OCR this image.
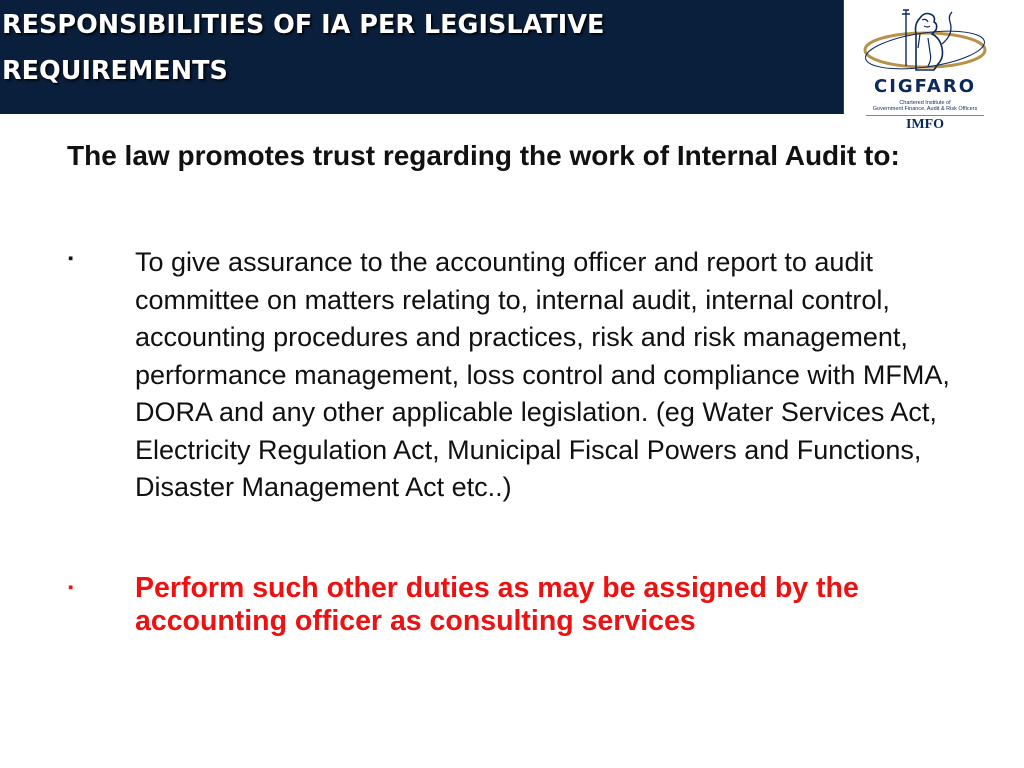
RESPONSIBILITIES OF IA PER LEGISLATIVE
REQUIREMENTS
CIGFARO
Chartered Institute of
Government Finance, Audit & Risk Officers
IMFO

The law promotes trust regarding the work of Internal Audit to:

▪ To give assurance to the accounting officer and report to audit committee on matters relating to, internal audit, internal control, accounting procedures and practices, risk and risk management, performance management, loss control and compliance with MFMA, DORA and any other applicable legislation. (eg Water Services Act, Electricity Regulation Act, Municipal Fiscal Powers and Functions, Disaster Management Act etc..)

▪ Perform such other duties as may be assigned by the accounting officer as consulting services
